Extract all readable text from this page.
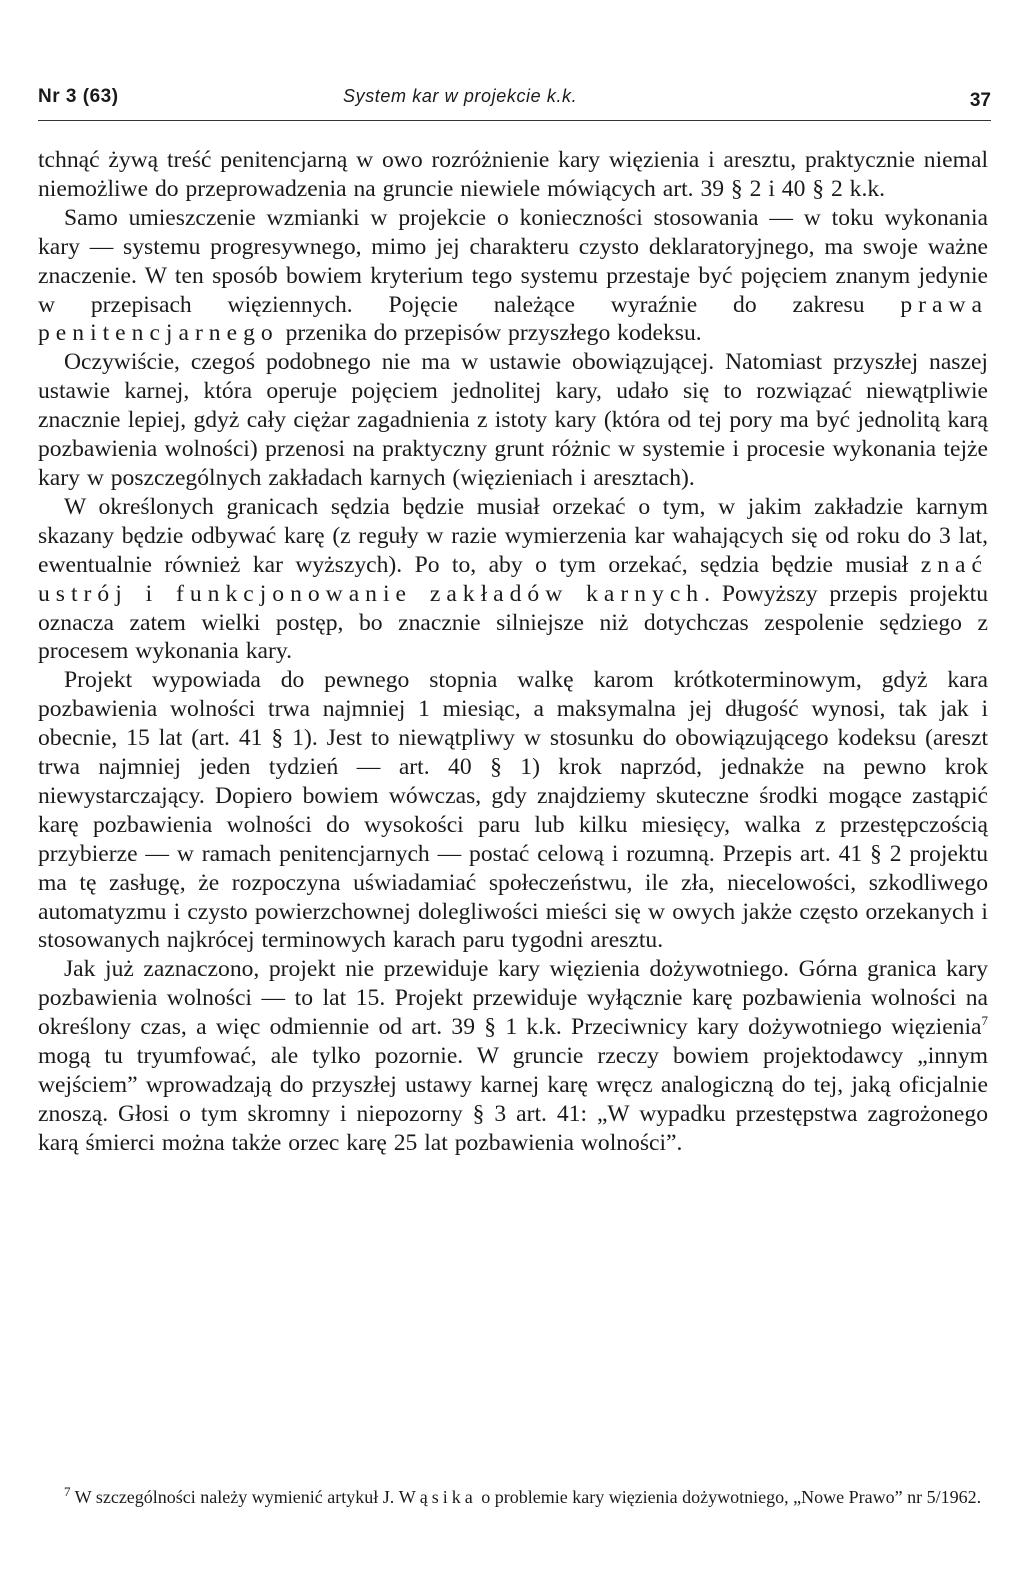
Nr 3 (63)	System kar w projekcie k.k.	37

tchnąć żywą treść penitencjarną w owo rozróżnienie kary więzienia i aresztu, praktycznie niemal niemożliwe do przeprowadzenia na gruncie niewiele mówiących art. 39 § 2 i 40 § 2 k.k.

Samo umieszczenie wzmianki w projekcie o konieczności stosowania — w toku wykonania kary — systemu progresywnego, mimo jej charakteru czysto deklaratoryjnego, ma swoje ważne znaczenie. W ten sposób bowiem kryterium tego systemu przestaje być pojęciem znanym jedynie w przepisach więziennych. Pojęcie należące wyraźnie do zakresu prawa penitencjarnego przenika do przepisów przyszłego kodeksu.

Oczywiście, czegoś podobnego nie ma w ustawie obowiązującej. Natomiast przyszłej naszej ustawie karnej, która operuje pojęciem jednolitej kary, udało się to rozwiązać niewątpliwie znacznie lepiej, gdyż cały ciężar zagadnienia z istoty kary (która od tej pory ma być jednolitą karą pozbawienia wolności) przenosi na praktyczny grunt różnic w systemie i procesie wykonania tejże kary w poszczególnych zakładach karnych (więzieniach i aresztach).

W określonych granicach sędzia będzie musiał orzekać o tym, w jakim zakładzie karnym skazany będzie odbywać karę (z reguły w razie wymierzenia kar wahających się od roku do 3 lat, ewentualnie również kar wyższych). Po to, aby o tym orzekać, sędzia będzie musiał znać ustrój i funkcjonowanie zakładów karnych. Powyższy przepis projektu oznacza zatem wielki postęp, bo znacznie silniejsze niż dotychczas zespolenie sędziego z procesem wykonania kary.

Projekt wypowiada do pewnego stopnia walkę karom krótkoterminowym, gdyż kara pozbawienia wolności trwa najmniej 1 miesiąc, a maksymalna jej długość wynosi, tak jak i obecnie, 15 lat (art. 41 § 1). Jest to niewątpliwy w stosunku do obowiązującego kodeksu (areszt trwa najmniej jeden tydzień — art. 40 § 1) krok naprzód, jednakże na pewno krok niewystarczający. Dopiero bowiem wówczas, gdy znajdziemy skuteczne środki mogące zastąpić karę pozbawienia wolności do wysokości paru lub kilku miesięcy, walka z przestępczością przybierze — w ramach penitencjarnych — postać celową i rozumną. Przepis art. 41 § 2 projektu ma tę zasługę, że rozpoczyna uświadamiać społeczeństwu, ile zła, niecelowości, szkodliwego automatyzmu i czysto powierzchownej dolegliwości mieści się w owych jakże często orzekanych i stosowanych najkrócej terminowych karach paru tygodni aresztu.

Jak już zaznaczono, projekt nie przewiduje kary więzienia dożywotniego. Górna granica kary pozbawienia wolności — to lat 15. Projekt przewiduje wyłącznie karę pozbawienia wolności na określony czas, a więc odmiennie od art. 39 § 1 k.k. Przeciwnicy kary dożywotniego więzienia$^7$ mogą tu tryumfować, ale tylko pozornie. W gruncie rzeczy bowiem projektodawcy „innym wejściem” wprowadzają do przyszłej ustawy karnej karę wręcz analogiczną do tej, jaką oficjalnie znoszą. Głosi o tym skromny i niepozorny § 3 art. 41: „W wypadku przestępstwa zagrożonego karą śmierci można także orzec karę 25 lat pozbawienia wolności”.

$^7$ W szczególności należy wymienić artykuł J. Wąsika o problemie kary więzienia dożywotniego, „Nowe Prawo” nr 5/1962.
